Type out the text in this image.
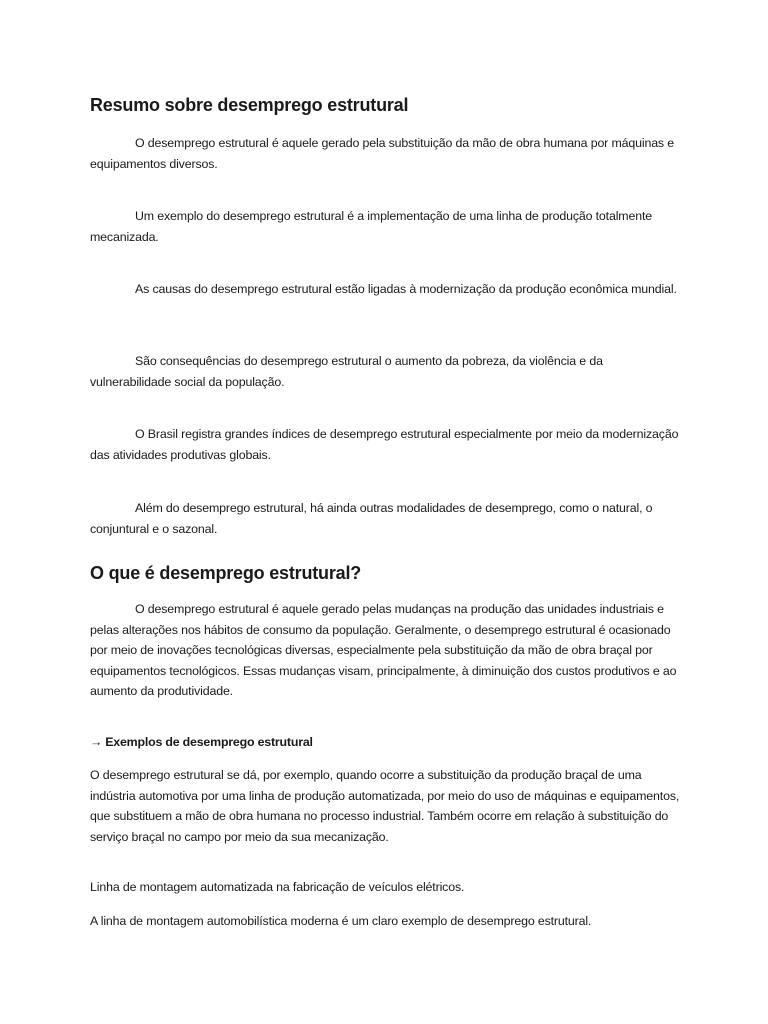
Resumo sobre desemprego estrutural

O desemprego estrutural é aquele gerado pela substituição da mão de obra humana por máquinas e equipamentos diversos.

Um exemplo do desemprego estrutural é a implementação de uma linha de produção totalmente mecanizada.

As causas do desemprego estrutural estão ligadas à modernização da produção econômica mundial.

São consequências do desemprego estrutural o aumento da pobreza, da violência e da vulnerabilidade social da população.

O Brasil registra grandes índices de desemprego estrutural especialmente por meio da modernização das atividades produtivas globais.

Além do desemprego estrutural, há ainda outras modalidades de desemprego, como o natural, o conjuntural e o sazonal.

O que é desemprego estrutural?

O desemprego estrutural é aquele gerado pelas mudanças na produção das unidades industriais e pelas alterações nos hábitos de consumo da população. Geralmente, o desemprego estrutural é ocasionado por meio de inovações tecnológicas diversas, especialmente pela substituição da mão de obra braçal por equipamentos tecnológicos. Essas mudanças visam, principalmente, à diminuição dos custos produtivos e ao aumento da produtividade.

→ Exemplos de desemprego estrutural

O desemprego estrutural se dá, por exemplo, quando ocorre a substituição da produção braçal de uma indústria automotiva por uma linha de produção automatizada, por meio do uso de máquinas e equipamentos, que substituem a mão de obra humana no processo industrial. Também ocorre em relação à substituição do serviço braçal no campo por meio da sua mecanização.

Linha de montagem automatizada na fabricação de veículos elétricos.

A linha de montagem automobilística moderna é um claro exemplo de desemprego estrutural.
